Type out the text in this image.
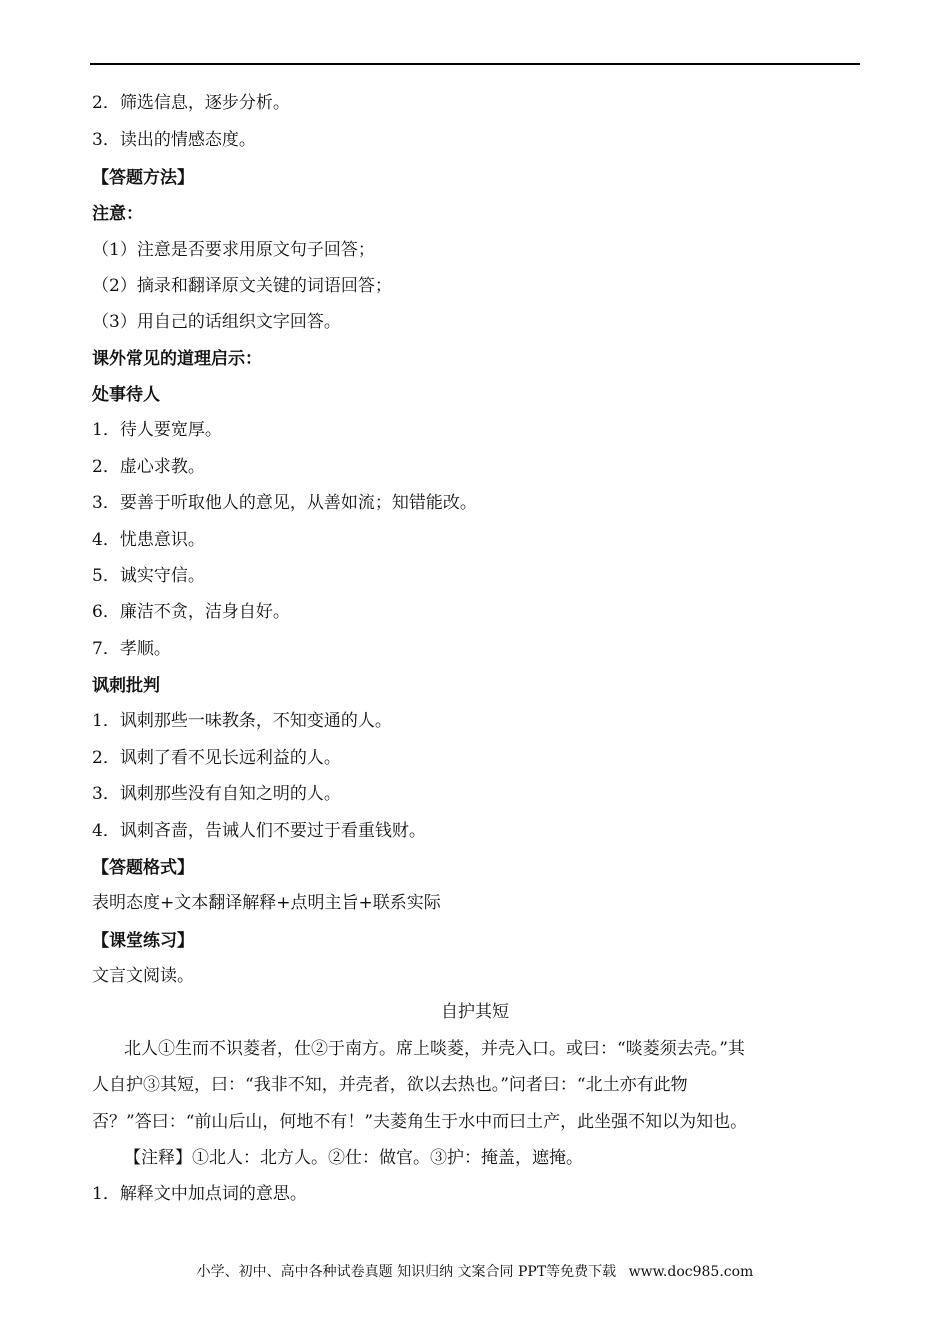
2．筛选信息，逐步分析。
3．读出的情感态度。
【答题方法】
注意：
（1）注意是否要求用原文句子回答；
（2）摘录和翻译原文关键的词语回答；
（3）用自己的话组织文字回答。
课外常见的道理启示：
处事待人
1．待人要宽厚。
2．虚心求教。
3．要善于听取他人的意见，从善如流；知错能改。
4．忧患意识。
5．诚实守信。
6．廉洁不贪，洁身自好。
7．孝顺。
讽刺批判
1．讽刺那些一味教条，不知变通的人。
2．讽刺了看不见长远利益的人。
3．讽刺那些没有自知之明的人。
4．讽刺吝啬，告诫人们不要过于看重钱财。
【答题格式】
表明态度+文本翻译解释+点明主旨+联系实际
【课堂练习】
文言文阅读。
自护其短
北人①生而不识菱者，仕②于南方。席上啖菱，并壳入口。或曰：“啖菱须去壳。”其
人自护③其短，曰：“我非不知，并壳者，欲以去热也。”问者曰：“北土亦有此物
否？”答曰：“前山后山，何地不有！”夫菱角生于水中而曰土产，此坐强不知以为知也。
【注释】①北人：北方人。②仕：做官。③护：掩盖，遮掩。
1．解释文中加点词的意思。
小学、初中、高中各种试卷真题 知识归纳 文案合同 PPT等免费下载 www.doc985.com
